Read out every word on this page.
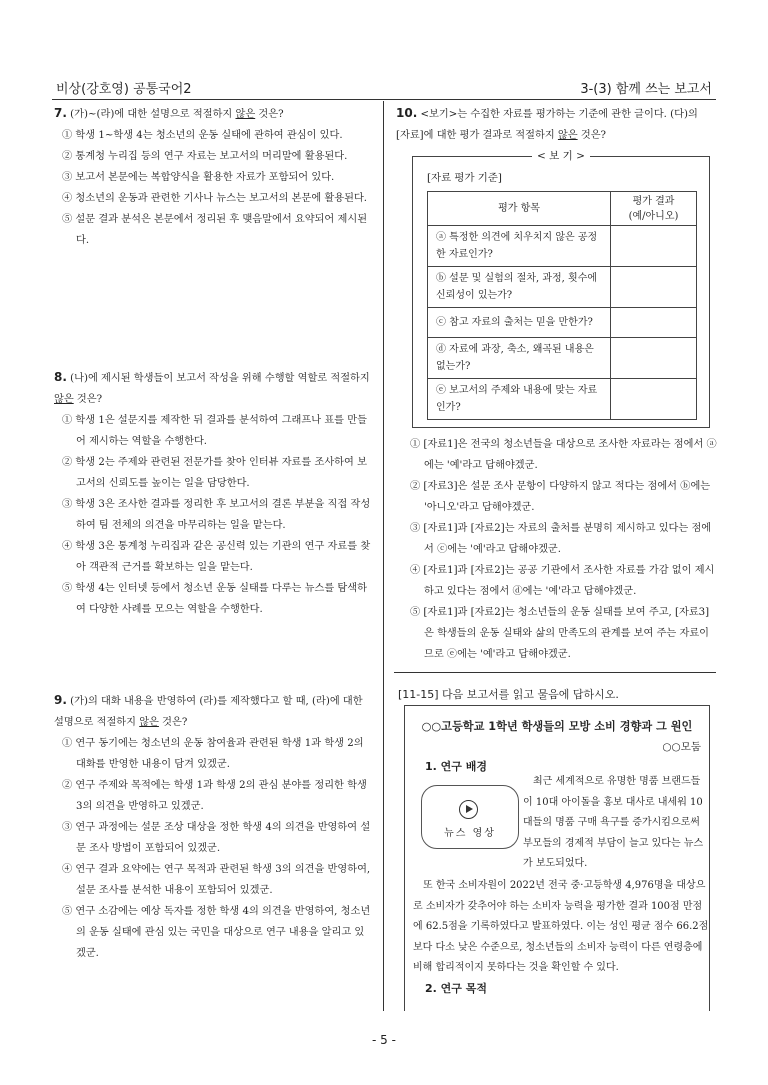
비상(강호영) 공통국어2	3-(3) 함께 쓰는 보고서
7. (가)~(라)에 대한 설명으로 적절하지 않은 것은?
① 학생 1~학생 4는 청소년의 운동 실태에 관하여 관심이 있다.
② 통계청 누리집 등의 연구 자료는 보고서의 머리말에 활용된다.
③ 보고서 본문에는 복합양식을 활용한 자료가 포함되어 있다.
④ 청소년의 운동과 관련한 기사나 뉴스는 보고서의 본문에 활용된다.
⑤ 설문 결과 분석은 본문에서 정리된 후 맺음말에서 요약되어 제시된다.
8. (나)에 제시된 학생들이 보고서 작성을 위해 수행할 역할로 적절하지 않은 것은?
① 학생 1은 설문지를 제작한 뒤 결과를 분석하여 그래프나 표를 만들어 제시하는 역할을 수행한다.
② 학생 2는 주제와 관련된 전문가를 찾아 인터뷰 자료를 조사하여 보고서의 신뢰도를 높이는 일을 담당한다.
③ 학생 3은 조사한 결과를 정리한 후 보고서의 결론 부분을 직접 작성하여 팀 전체의 의견을 마무리하는 일을 맡는다.
④ 학생 3은 통계청 누리집과 같은 공신력 있는 기관의 연구 자료를 찾아 객관적 근거를 확보하는 일을 맡는다.
⑤ 학생 4는 인터넷 등에서 청소년 운동 실태를 다루는 뉴스를 탐색하여 다양한 사례를 모으는 역할을 수행한다.
9. (가)의 대화 내용을 반영하여 (라)를 제작했다고 할 때, (라)에 대한 설명으로 적절하지 않은 것은?
① 연구 동기에는 청소년의 운동 참여율과 관련된 학생 1과 학생 2의 대화를 반영한 내용이 담겨 있겠군.
② 연구 주제와 목적에는 학생 1과 학생 2의 관심 분야를 정리한 학생 3의 의견을 반영하고 있겠군.
③ 연구 과정에는 설문 조상 대상을 정한 학생 4의 의견을 반영하여 설문 조사 방법이 포함되어 있겠군.
④ 연구 결과 요약에는 연구 목적과 관련된 학생 3의 의견을 반영하여, 설문 조사를 분석한 내용이 포함되어 있겠군.
⑤ 연구 소감에는 예상 독자를 정한 학생 4의 의견을 반영하여, 청소년의 운동 실태에 관심 있는 국민을 대상으로 연구 내용을 알리고 있겠군.
10. <보기>는 수집한 자료를 평가하는 기준에 관한 글이다. (다)의 [자료]에 대한 평가 결과로 적절하지 않은 것은?
< 보 기 >
[자료 평가 기준]
평가 항목	평가 결과
(예/아니오)
ⓐ 특정한 의견에 치우치지 않은 공정한 자료인가?	
ⓑ 설문 및 실험의 절차, 과정, 횟수에 신뢰성이 있는가?	
ⓒ 참고 자료의 출처는 믿을 만한가?	
ⓓ 자료에 과장, 축소, 왜곡된 내용은 없는가?	
ⓔ 보고서의 주제와 내용에 맞는 자료인가?	
① [자료1]은 전국의 청소년들을 대상으로 조사한 자료라는 점에서 ⓐ에는 '예'라고 답해야겠군.
② [자료3]은 설문 조사 문항이 다양하지 않고 적다는 점에서 ⓑ에는 '아니오'라고 답해야겠군.
③ [자료1]과 [자료2]는 자료의 출처를 분명히 제시하고 있다는 점에서 ⓒ에는 '예'라고 답해야겠군.
④ [자료1]과 [자료2]는 공공 기관에서 조사한 자료를 가감 없이 제시하고 있다는 점에서 ⓓ에는 '예'라고 답해야겠군.
⑤ [자료1]과 [자료2]는 청소년들의 운동 실태를 보여 주고, [자료3]은 학생들의 운동 실태와 삶의 만족도의 관계를 보여 주는 자료이므로 ⓔ에는 '예'라고 답해야겠군.
[11-15] 다음 보고서를 읽고 물음에 답하시오.
○○고등학교 1학년 학생들의 모방 소비 경향과 그 원인
○○모둠
1. 연구 배경
뉴스 영상
최근 세계적으로 유명한 명품 브랜드들
이 10대 아이돌을 홍보 대사로 내세워 10
대들의 명품 구매 욕구를 증가시킴으로써
부모들의 경제적 부담이 늘고 있다는 뉴스
가 보도되었다.
또 한국 소비자원이 2022년 전국 중·고등학생 4,976명을 대상으
로 소비자가 갖추어야 하는 소비자 능력을 평가한 결과 100점 만점
에 62.5점을 기록하였다고 발표하였다. 이는 성인 평균 점수 66.2점
보다 다소 낮은 수준으로, 청소년들의 소비자 능력이 다른 연령층에
비해 합리적이지 못하다는 것을 확인할 수 있다.
2. 연구 목적
- 5 -
